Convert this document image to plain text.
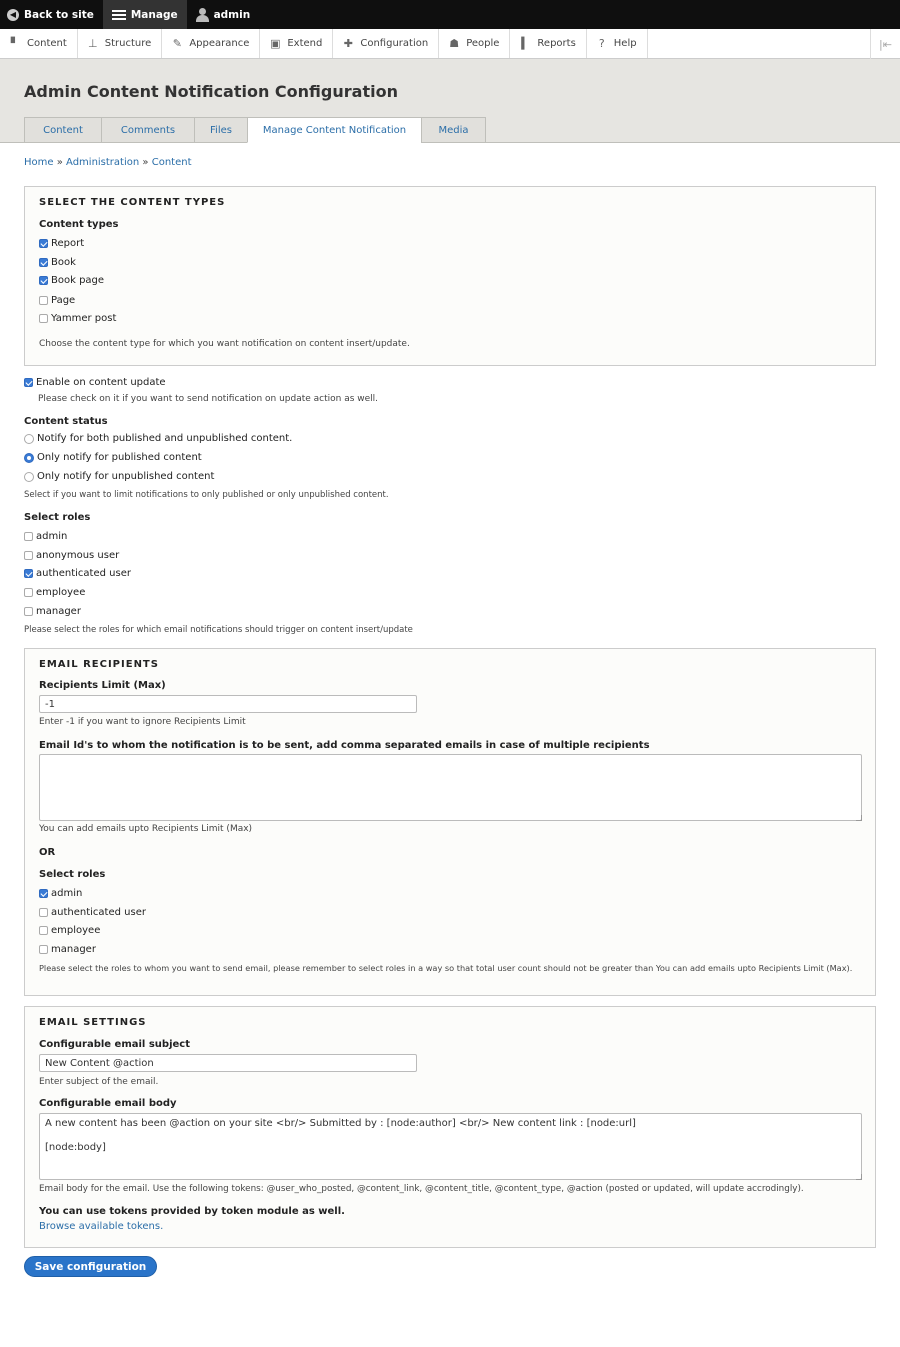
◀ Back to site	Manage	admin
▘ Content ⊥ Structure ✎ Appearance ▣ Extend ✚ Configuration ☗ People ▍ Reports ? Help	|⇤
Admin Content Notification Configuration
Content	Comments	Files	Manage Content Notification	Media
Home » Administration » Content
SELECT THE CONTENT TYPES
Content types
Report
Book
Book page
Page
Yammer post
Choose the content type for which you want notification on content insert/update.
Enable on content update
Please check on it if you want to send notification on update action as well.
Content status
Notify for both published and unpublished content.
Only notify for published content
Only notify for unpublished content
Select if you want to limit notifications to only published or only unpublished content.
Select roles
admin
anonymous user
authenticated user
employee
manager
Please select the roles for which email notifications should trigger on content insert/update
EMAIL RECIPIENTS
Recipients Limit (Max)
-1
Enter -1 if you want to ignore Recipients Limit
Email Id's to whom the notification is to be sent, add comma separated emails in case of multiple recipients
You can add emails upto Recipients Limit (Max)
OR
Select roles
admin
authenticated user
employee
manager
Please select the roles to whom you want to send email, please remember to select roles in a way so that total user count should not be greater than You can add emails upto Recipients Limit (Max).
EMAIL SETTINGS
Configurable email subject
New Content @action
Enter subject of the email.
Configurable email body
A new content has been @action on your site <br/> Submitted by : [node:author] <br/> New content link : [node:url]

[node:body]
Email body for the email. Use the following tokens: @user_who_posted, @content_link, @content_title, @content_type, @action (posted or updated, will update accrodingly).
You can use tokens provided by token module as well.
Browse available tokens.
Save configuration
